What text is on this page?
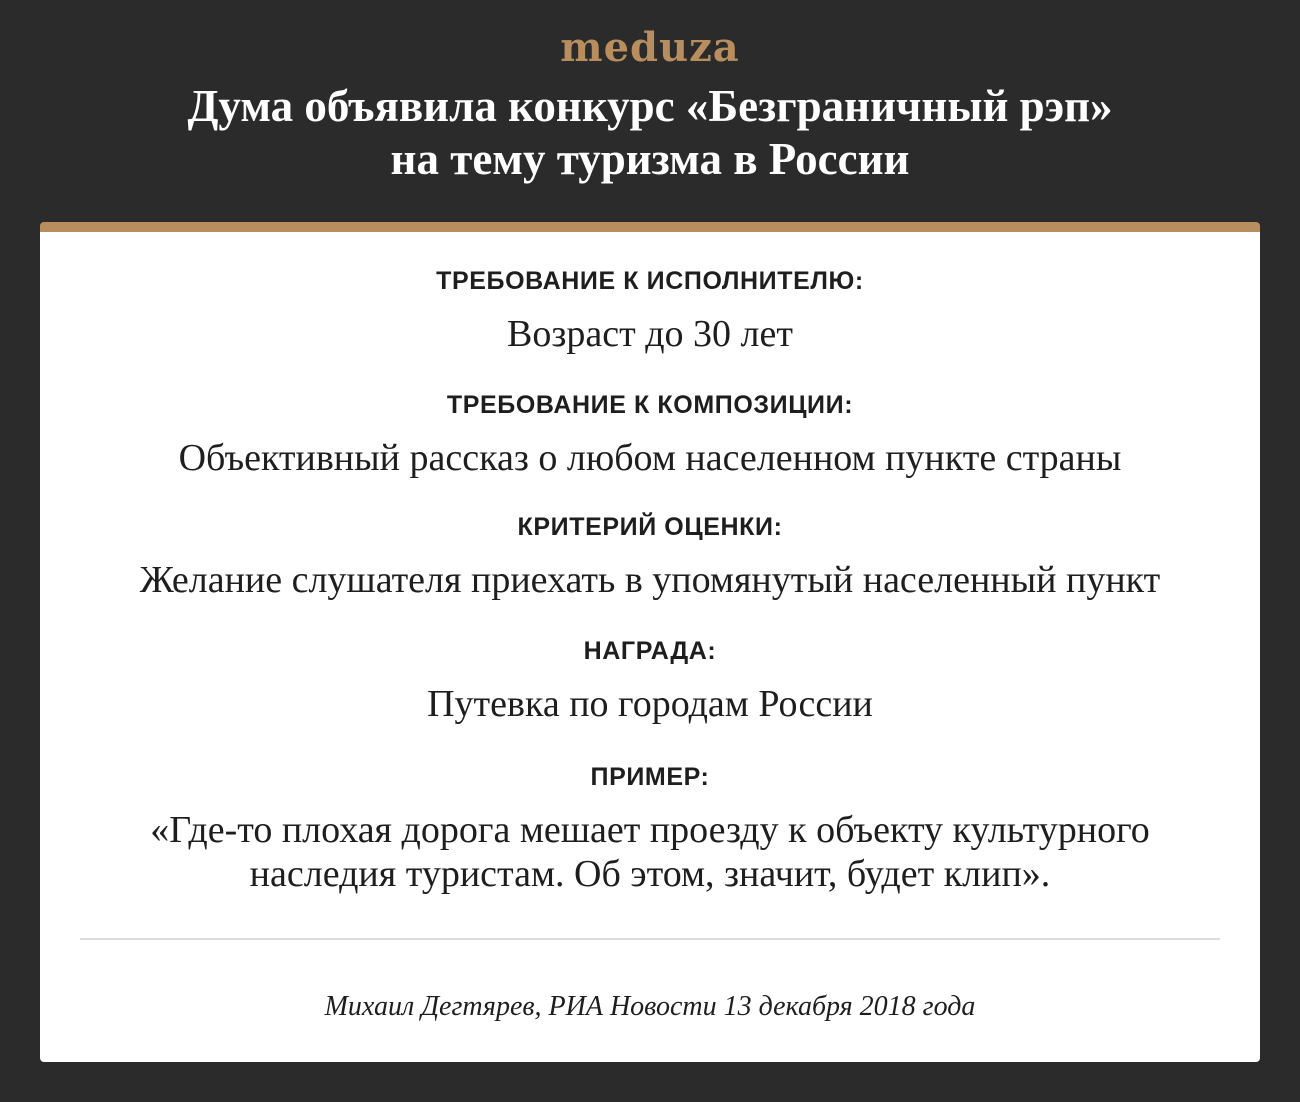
meduza
Дума объявила конкурс «Безграничный рэп»
на тему туризма в России
ТРЕБОВАНИЕ К ИСПОЛНИТЕЛЮ:
Возраст до 30 лет
ТРЕБОВАНИЕ К КОМПОЗИЦИИ:
Объективный рассказ о любом населенном пункте страны
КРИТЕРИЙ ОЦЕНКИ:
Желание слушателя приехать в упомянутый населенный пункт
НАГРАДА:
Путевка по городам России
ПРИМЕР:
«Где-то плохая дорога мешает проезду к объекту культурного
наследия туристам. Об этом, значит, будет клип».
Михаил Дегтярев, РИА Новости 13 декабря 2018 года
